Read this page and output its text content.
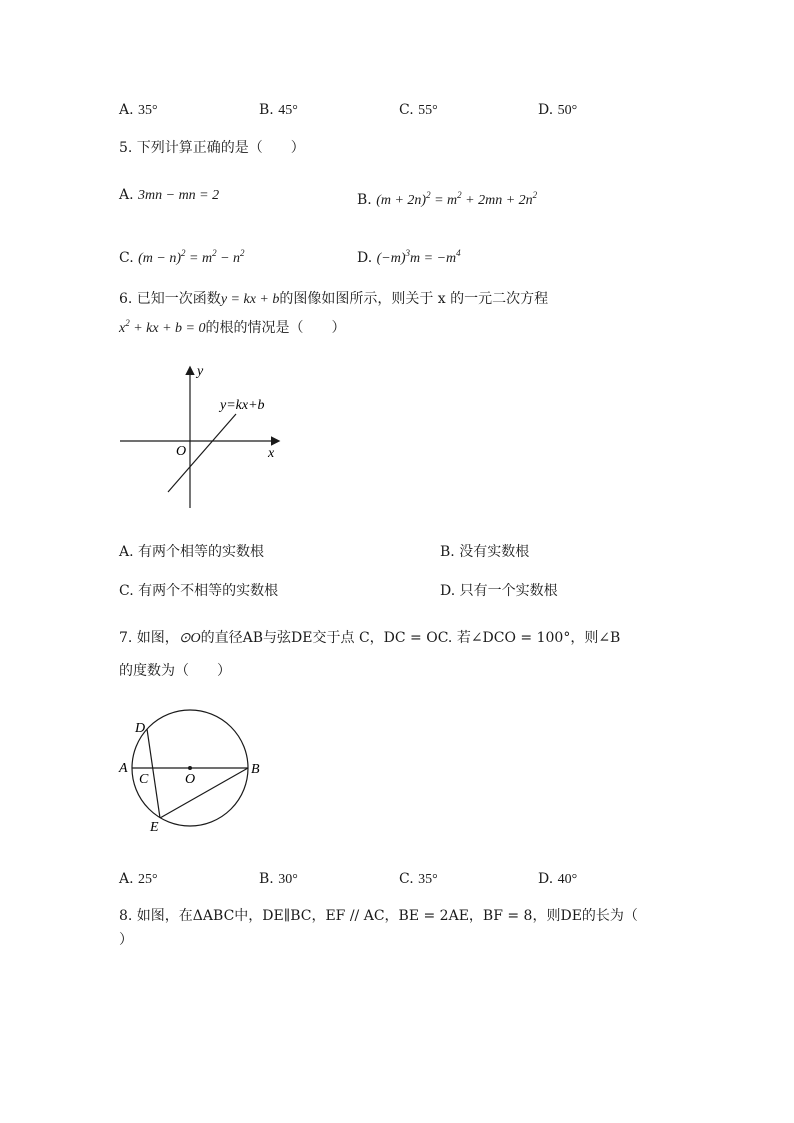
A. 35°	B. 45°	C. 55°	D. 50°
5. 下列计算正确的是（　　）
A. 3mn − mn = 2	B. $(m + 2n)^2 = m^2 + 2mn + 2n^2$
C. $(m - n)^2 = m^2 - n^2$	D. $(-m)^3m = -m^4$
6. 已知一次函数y = kx + b的图像如图所示，则关于 x 的一元二次方程
$x^2$ + kx + b = 0的根的情况是（　　）
y
x
O
y=kx+b
A. 有两个相等的实数根	B. 没有实数根
C. 有两个不相等的实数根	D. 只有一个实数根
7. 如图，⊙O的直径AB与弦DE交于点 C，DC = OC. 若∠DCO = 100°，则∠B
的度数为（　　）
A	B
C
D
E
O
A. 25°	B. 30°	C. 35°	D. 40°
8. 如图，在ΔABC中，DE∥BC，EF // AC，BE = 2AE，BF = 8，则DE的长为（
）
